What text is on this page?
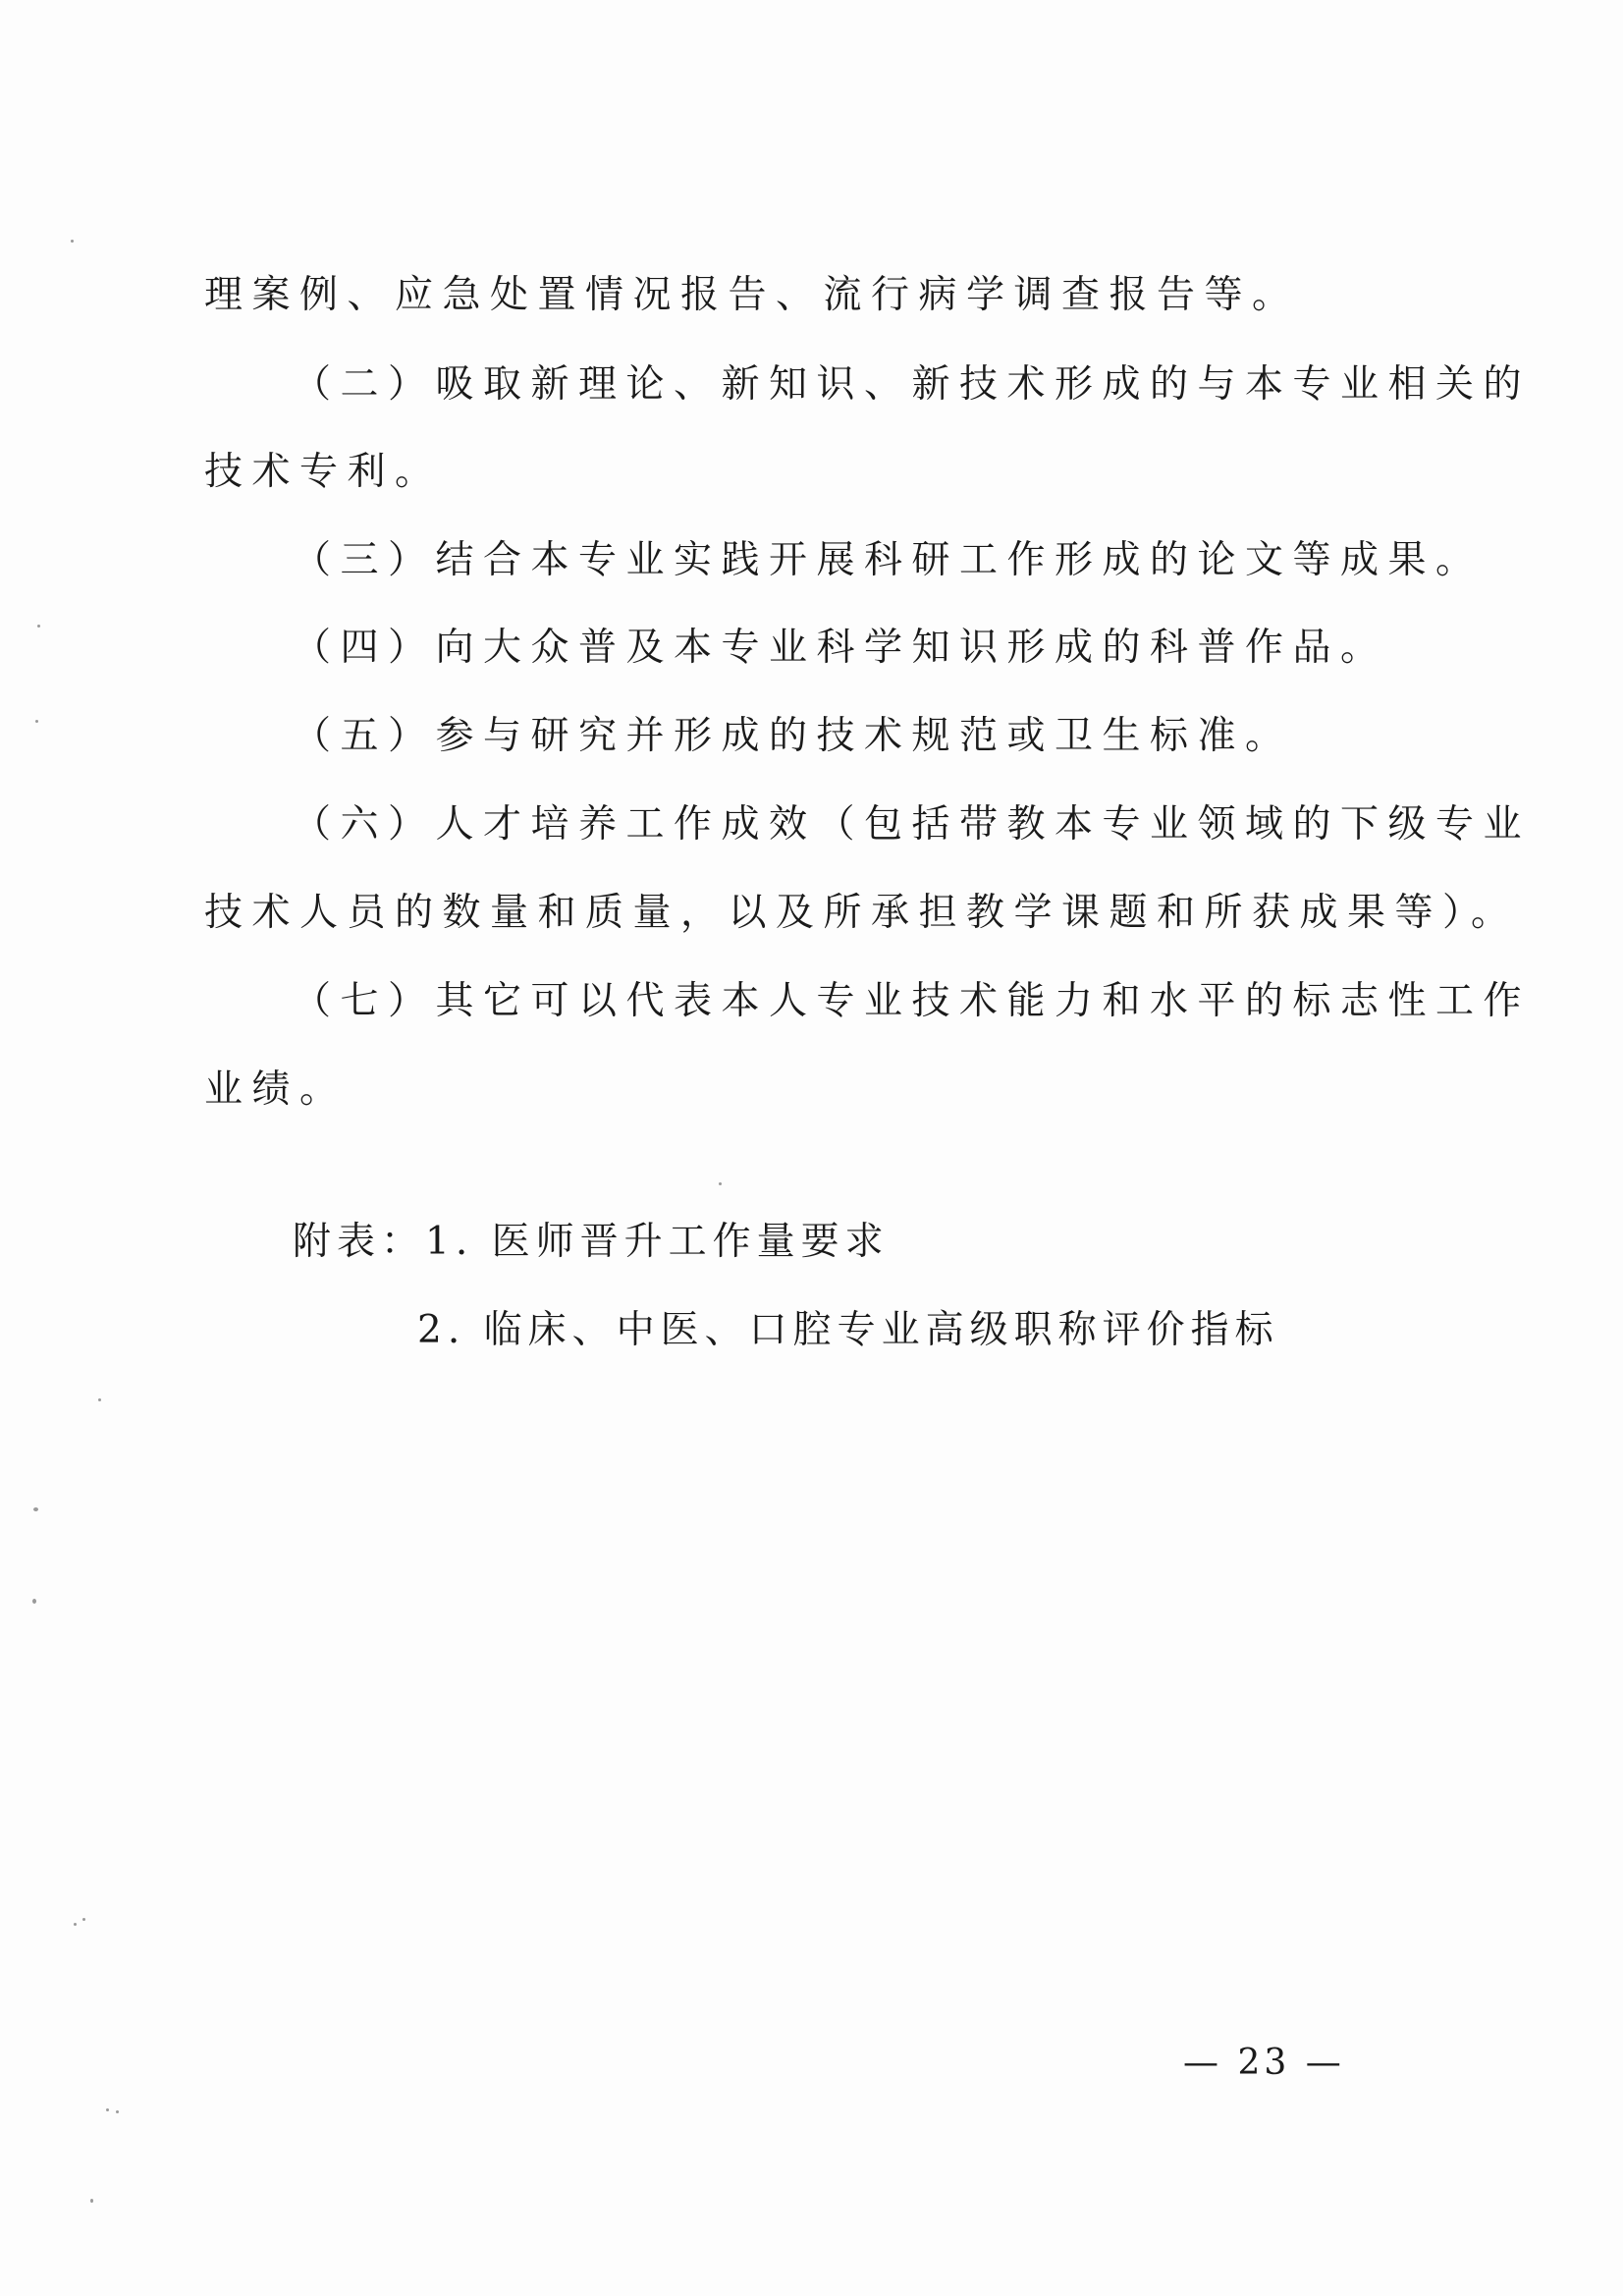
理案例、应急处置情况报告、流行病学调查报告等。
（二）吸取新理论、新知识、新技术形成的与本专业相关的
技术专利。
（三）结合本专业实践开展科研工作形成的论文等成果。
（四）向大众普及本专业科学知识形成的科普作品。
（五）参与研究并形成的技术规范或卫生标准。
（六）人才培养工作成效（包括带教本专业领域的下级专业
技术人员的数量和质量，以及所承担教学课题和所获成果等）。
（七）其它可以代表本人专业技术能力和水平的标志性工作
业绩。
附表：1. 医师晋升工作量要求
2. 临床、中医、口腔专业高级职称评价指标
— 23 —
